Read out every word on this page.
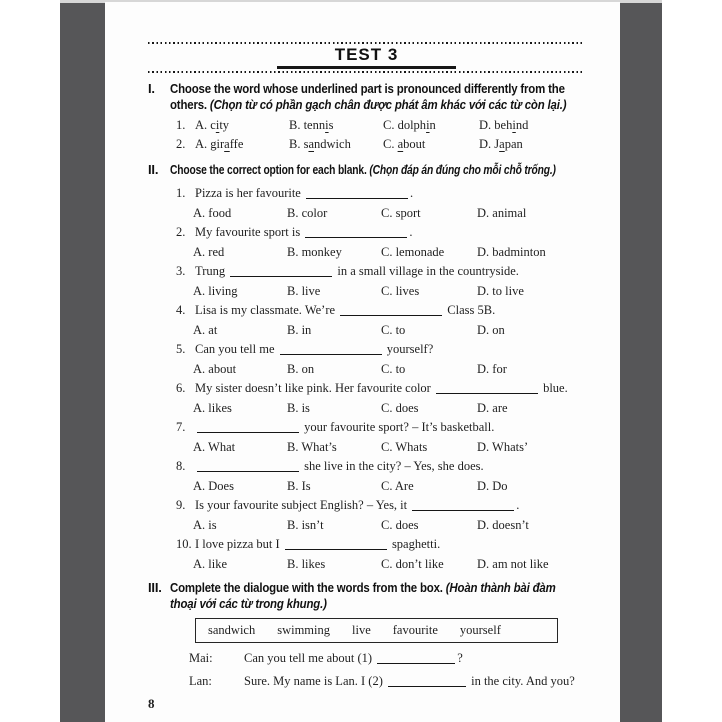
TEST 3
I.	Choose the word whose underlined part is pronounced differently from the others. (Chọn từ có phần gạch chân được phát âm khác với các từ còn lại.)
1. A. city	B. tennis	C. dolphin	D. behind
2. A. giraffe	B. sandwich	C. about	D. Japan
II. Choose the correct option for each blank. (Chọn đáp án đúng cho mỗi chỗ trống.)
1. Pizza is her favourite	.
A. food	B. color	C. sport	D. animal
2. My favourite sport is	.
A. red	B. monkey	C. lemonade	D. badminton
3. Trung	in a small village in the countryside.
A. living	B. live	C. lives	D. to live
4. Lisa is my classmate. We’re	Class 5B.
A. at	B. in	C. to	D. on
5. Can you tell me	yourself?
A. about	B. on	C. to	D. for
6. My sister doesn’t like pink. Her favourite color	blue.
A. likes	B. is	C. does	D. are
7.	your favourite sport? – It’s basketball.
A. What	B. What’s	C. Whats	D. Whats’
8.	she live in the city? – Yes, she does.
A. Does	B. Is	C. Are	D. Do
9. Is your favourite subject English? – Yes, it	.
A. is	B. isn’t	C. does	D. doesn’t
10. I love pizza but I	spaghetti.
A. like	B. likes	C. don’t like	D. am not like
III. Complete the dialogue with the words from the box. (Hoàn thành bài đàm thoại với các từ trong khung.)
sandwich swimming live favourite yourself
Mai:	Can you tell me about (1)	?
Lan:	Sure. My name is Lan. I (2)	in the city. And you?
8
